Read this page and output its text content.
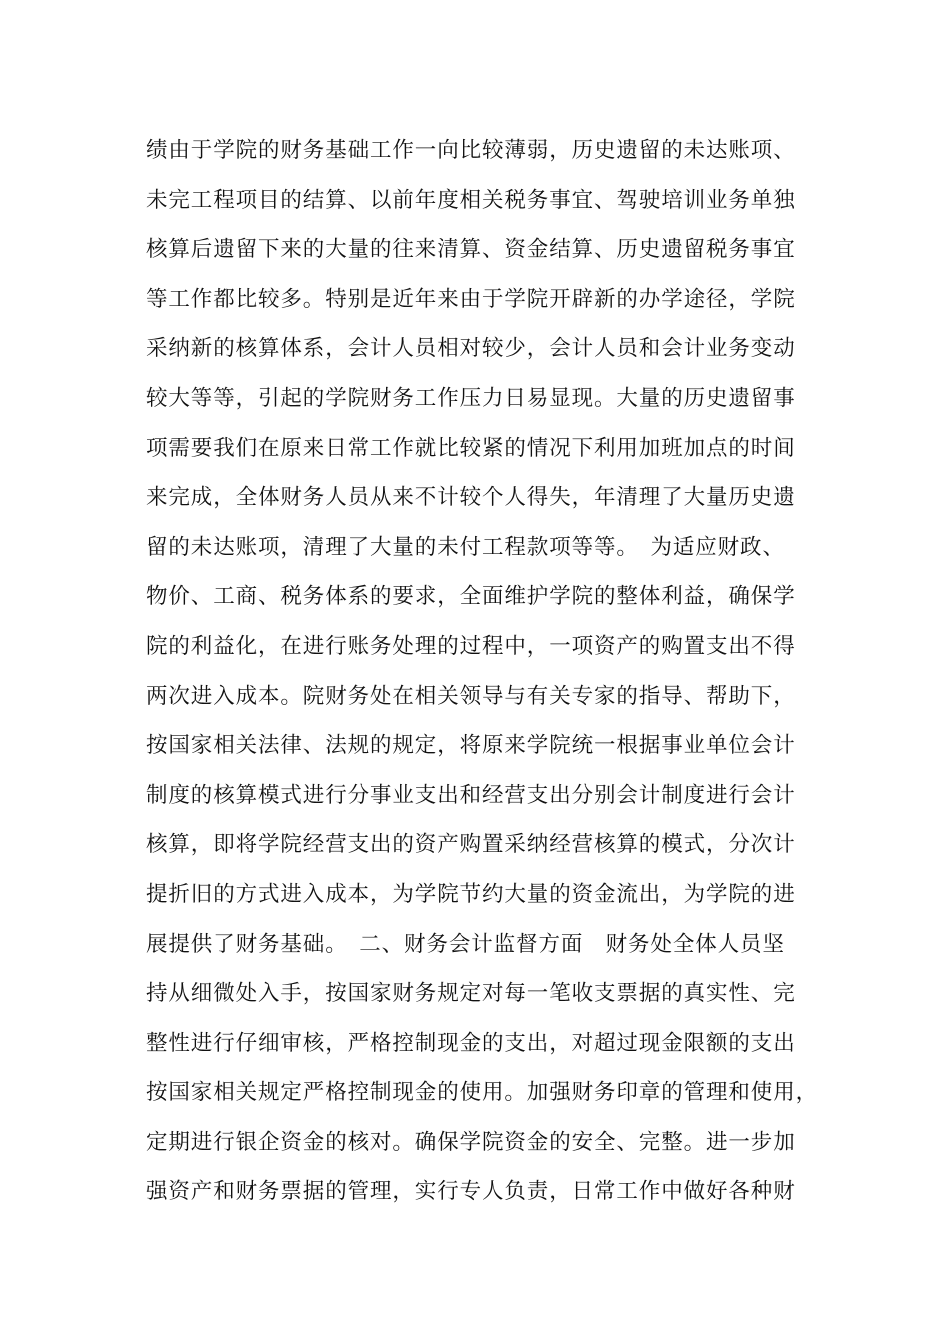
绩由于学院的财务基础工作一向比较薄弱，历史遗留的未达账项、
未完工程项目的结算、以前年度相关税务事宜、驾驶培训业务单独
核算后遗留下来的大量的往来清算、资金结算、历史遗留税务事宜
等工作都比较多。特别是近年来由于学院开辟新的办学途径，学院
采纳新的核算体系，会计人员相对较少，会计人员和会计业务变动
较大等等，引起的学院财务工作压力日易显现。大量的历史遗留事
项需要我们在原来日常工作就比较紧的情况下利用加班加点的时间
来完成，全体财务人员从来不计较个人得失，年清理了大量历史遗
留的未达账项，清理了大量的未付工程款项等等。　为适应财政、
物价、工商、税务体系的要求，全面维护学院的整体利益，确保学
院的利益化，在进行账务处理的过程中，一项资产的购置支出不得
两次进入成本。院财务处在相关领导与有关专家的指导、帮助下，
按国家相关法律、法规的规定，将原来学院统一根据事业单位会计
制度的核算模式进行分事业支出和经营支出分别会计制度进行会计
核算，即将学院经营支出的资产购置采纳经营核算的模式，分次计
提折旧的方式进入成本，为学院节约大量的资金流出，为学院的进
展提供了财务基础。　二、财务会计监督方面　财务处全体人员坚
持从细微处入手，按国家财务规定对每一笔收支票据的真实性、完
整性进行仔细审核，严格控制现金的支出，对超过现金限额的支出
按国家相关规定严格控制现金的使用。加强财务印章的管理和使用，
定期进行银企资金的核对。确保学院资金的安全、完整。进一步加
强资产和财务票据的管理，实行专人负责，日常工作中做好各种财
